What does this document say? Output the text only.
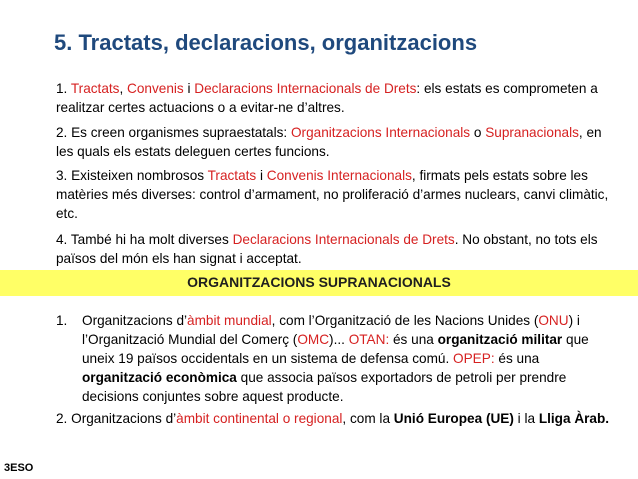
5. Tractats, declaracions, organitzacions
1. Tractats, Convenis i Declaracions Internacionals de Drets: els estats es comprometen a realitzar certes actuacions o a evitar-ne d’altres.
2. Es creen organismes supraestatals: Organitzacions Internacionals o Supranacionals, en les quals els estats deleguen certes funcions.
3. Existeixen nombrosos Tractats i Convenis Internacionals, firmats pels estats sobre les matèries més diverses: control d’armament, no proliferació d’armes nuclears, canvi climàtic, etc.
4. També hi ha molt diverses Declaracions Internacionals de Drets. No obstant, no tots els països del món els han signat i acceptat.
ORGANITZACIONS SUPRANACIONALS
1.	Organitzacions d’àmbit mundial, com l’Organització de les Nacions Unides (ONU) i l’Organització Mundial del Comerç (OMC)... OTAN: és una organització militar que uneix 19 països occidentals en un sistema de defensa comú. OPEP: és una organització econòmica que associa països exportadors de petroli per prendre decisions conjuntes sobre aquest producte.
2. Organitzacions d’àmbit continental o regional, com la Unió Europea (UE) i la Lliga Àrab.
3ESO
